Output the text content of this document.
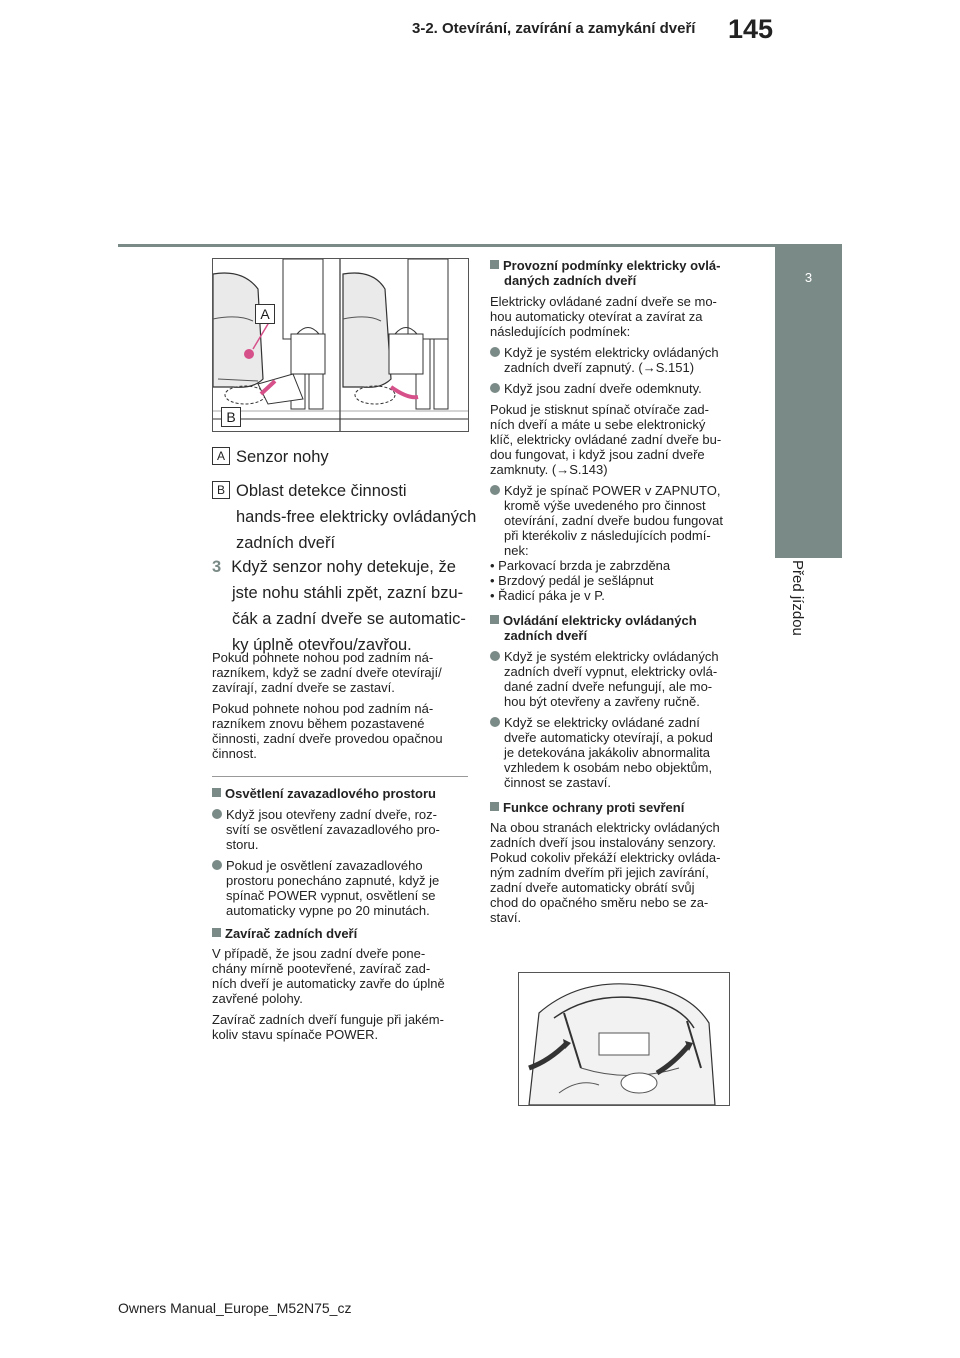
3-2. Otevírání, zavírání a zamykání dveří 145
3
Před jízdou
A
B

A Senzor nohy

B Oblast detekce činnosti

hands-free elektricky ovládaných

zadních dveří

3 Když senzor nohy detekuje, že

jste nohu stáhli zpět, zazní bzu-

čák a zadní dveře se automatic-

ky úplně otevřou/zavřou.

Pokud pohnete nohou pod zadním ná-

razníkem, když se zadní dveře otevírají/

zavírají, zadní dveře se zastaví.

Pokud pohnete nohou pod zadním ná-

razníkem znovu během pozastavené

činnosti, zadní dveře provedou opačnou

činnost.

Osvětlení zavazadlového prostoru

Když jsou otevřeny zadní dveře, roz-

svítí se osvětlení zavazadlového pro-

storu.

Pokud je osvětlení zavazadlového

prostoru ponecháno zapnuté, když je

spínač POWER vypnut, osvětlení se

automaticky vypne po 20 minutách.

Zavírač zadních dveří

V případě, že jsou zadní dveře pone-

chány mírně pootevřené, zavírač zad-

ních dveří je automaticky zavře do úplně

zavřené polohy.

Zavírač zadních dveří funguje při jakém-

koliv stavu spínače POWER.

Provozní podmínky elektricky ovlá-

daných zadních dveří

Elektricky ovládané zadní dveře se mo-

hou automaticky otevírat a zavírat za

následujících podmínek:

Když je systém elektricky ovládaných

zadních dveří zapnutý. (→S.151)

Když jsou zadní dveře odemknuty.

Pokud je stisknut spínač otvírače zad-

ních dveří a máte u sebe elektronický

klíč, elektricky ovládané zadní dveře bu-

dou fungovat, i když jsou zadní dveře

zamknuty. (→S.143)

Když je spínač POWER v ZAPNUTO,

kromě výše uvedeného pro činnost

otevírání, zadní dveře budou fungovat

při kterékoliv z následujících podmí-

nek:

• Parkovací brzda je zabrzděna

• Brzdový pedál je sešlápnut

• Řadicí páka je v P.

Ovládání elektricky ovládaných

zadních dveří

Když je systém elektricky ovládaných

zadních dveří vypnut, elektricky ovlá-

dané zadní dveře nefungují, ale mo-

hou být otevřeny a zavřeny ručně.

Když se elektricky ovládané zadní

dveře automaticky otevírají, a pokud

je detekována jakákoliv abnormalita

vzhledem k osobám nebo objektům,

činnost se zastaví.

Funkce ochrany proti sevření

Na obou stranách elektricky ovládaných

zadních dveří jsou instalovány senzory.

Pokud cokoliv překáží elektricky ovláda-

ným zadním dveřím při jejich zavírání,

zadní dveře automaticky obrátí svůj

chod do opačného směru nebo se za-

staví.

Owners Manual_Europe_M52N75_cz
